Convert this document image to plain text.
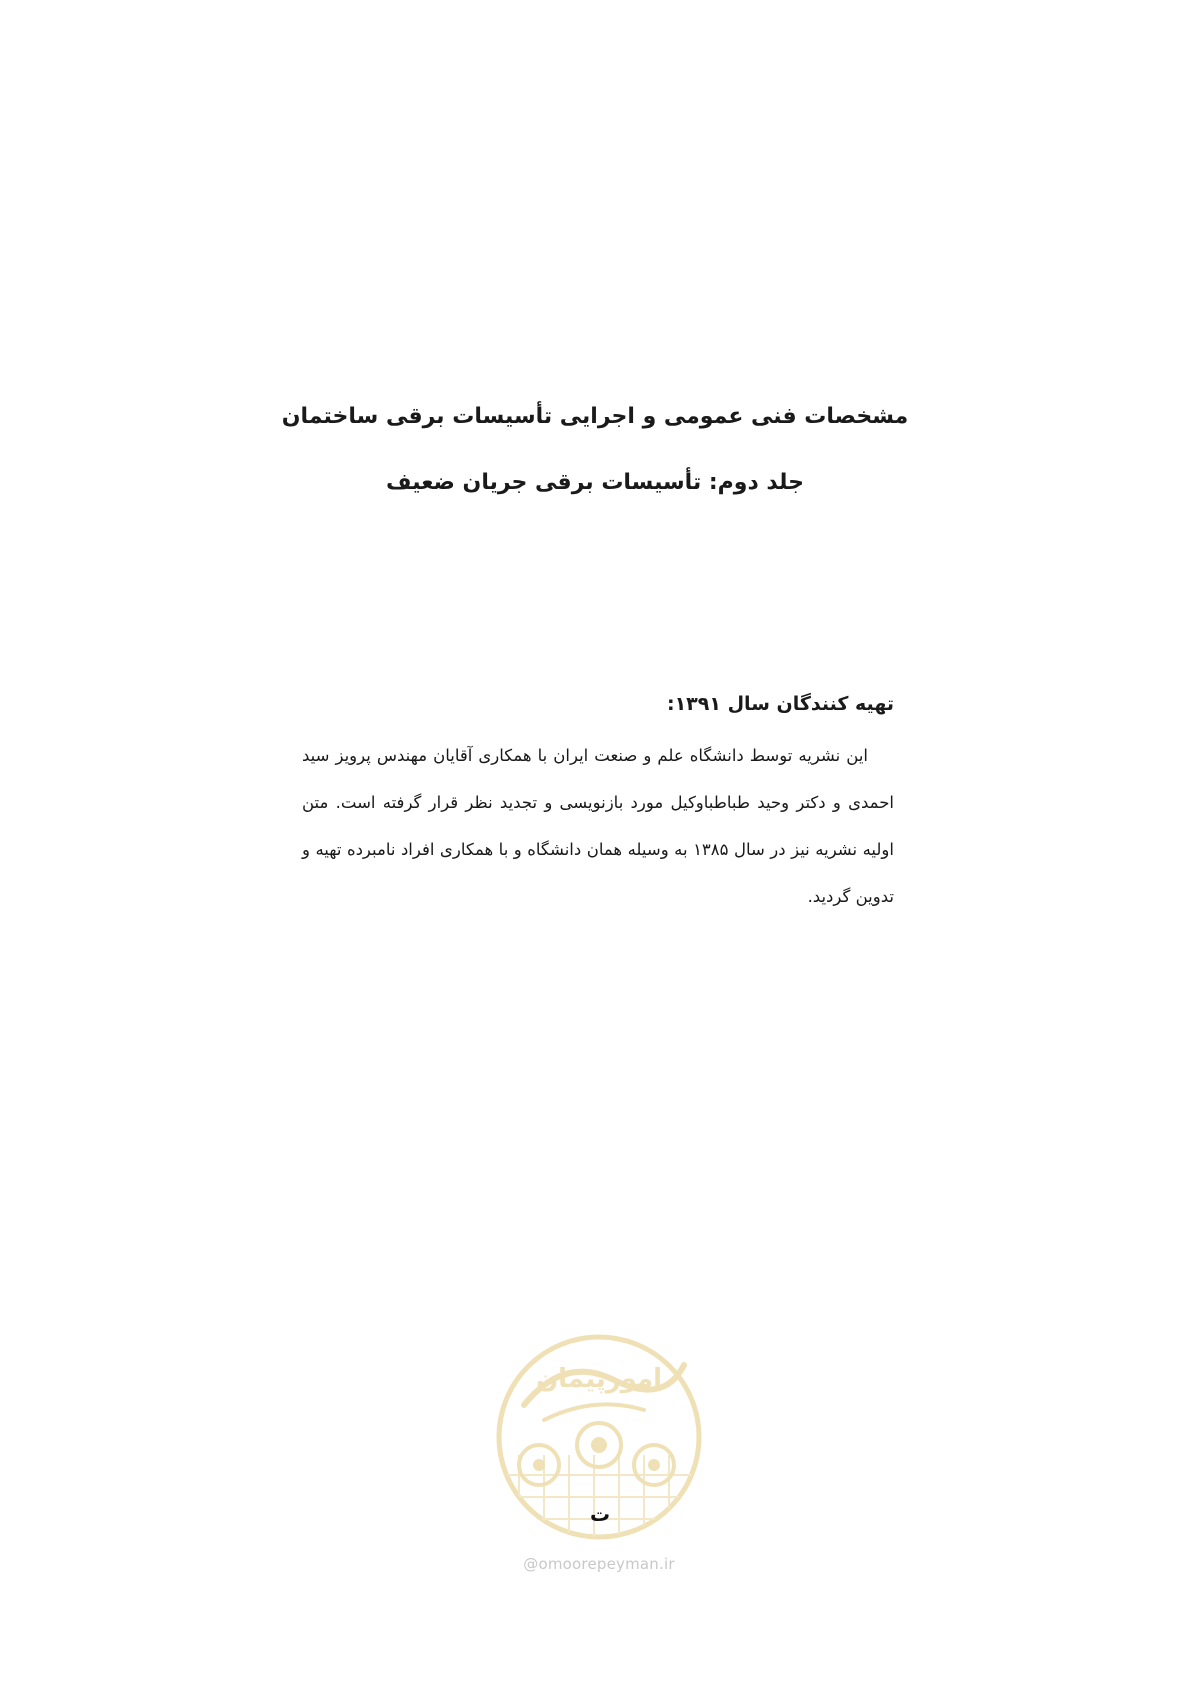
مشخصات فنی عمومی و اجرایی تأسیسات برقی ساختمان
جلد دوم: تأسیسات برقی جریان ضعیف
تهیه کنندگان سال ۱۳۹۱:

این نشریه توسط دانشگاه علم و صنعت ایران با همکاری آقایان مهندس پرویز سید احمدی و دکتر وحید طباطباوکیل مورد بازنویسی و تجدید نظر قرار گرفته است. متن اولیه نشریه نیز در سال ۱۳۸۵ به وسیله همان دانشگاه و با همکاری افراد نامبرده تهیه و تدوین گردید.

امورپیمان
@omoorepeyman.ir
ت
